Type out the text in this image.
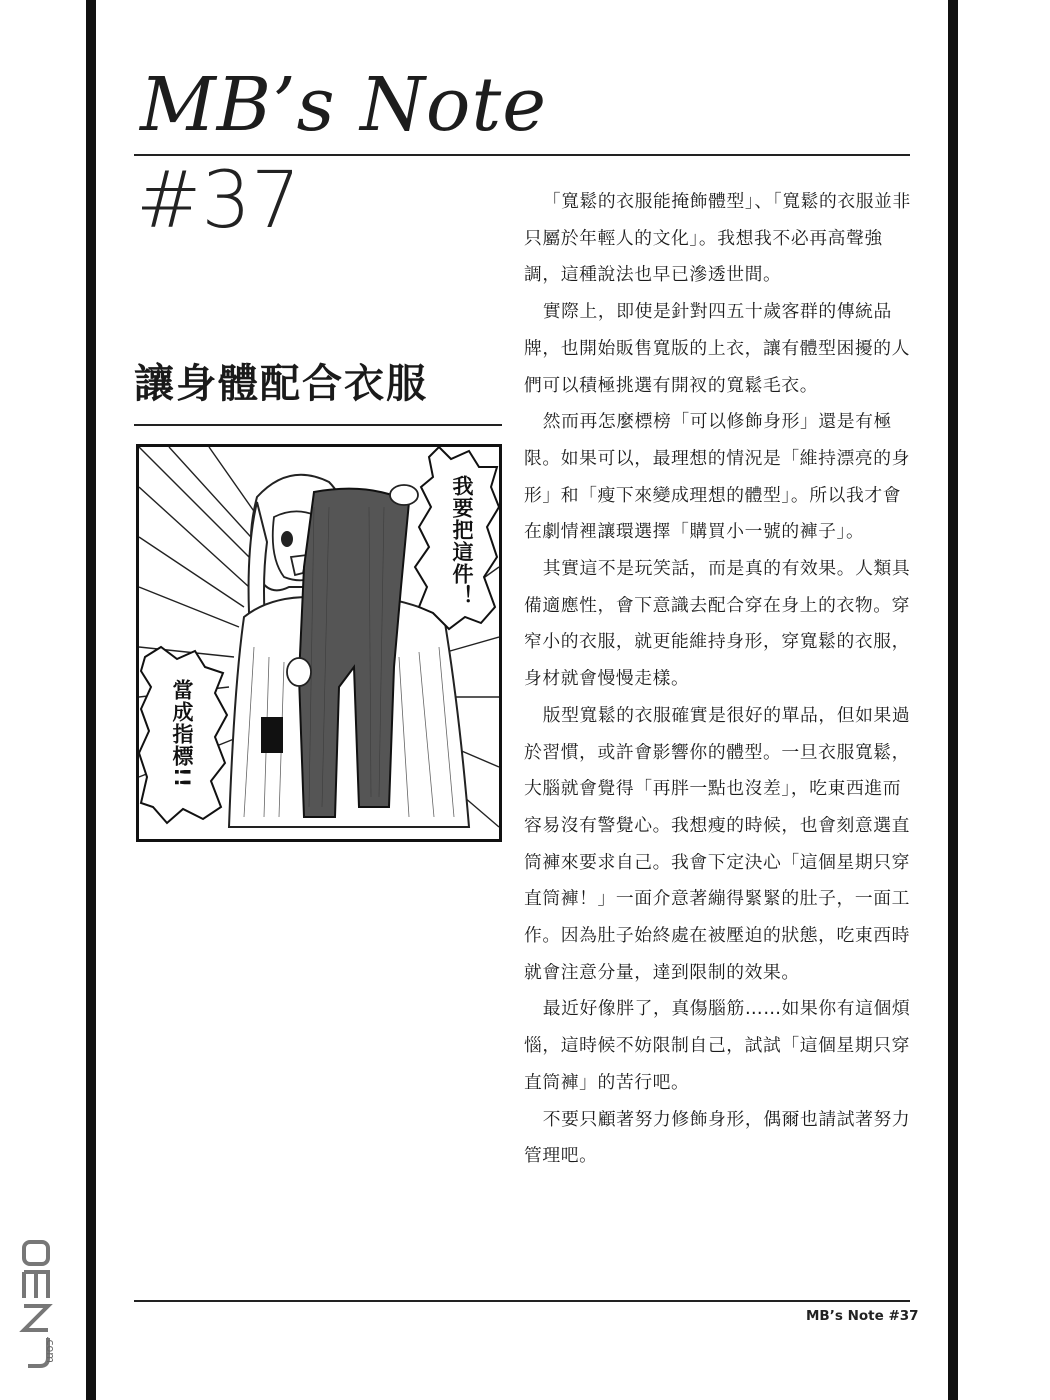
MB’s Note
#37
讓身體配合衣服
我要把這件！
當成指標!!

「寬鬆的衣服能掩飾體型」、「寬鬆的衣服並非只屬於年輕人的文化」。我想我不必再高聲強調，這種說法也早已滲透世間。

實際上，即使是針對四五十歲客群的傳統品牌，也開始販售寬版的上衣，讓有體型困擾的人們可以積極挑選有開衩的寬鬆毛衣。

然而再怎麼標榜「可以修飾身形」還是有極限。如果可以，最理想的情況是「維持漂亮的身形」和「瘦下來變成理想的體型」。所以我才會在劇情裡讓環選擇「購買小一號的褲子」。

其實這不是玩笑話，而是真的有效果。人類具備適應性，會下意識去配合穿在身上的衣物。穿窄小的衣服，就更能維持身形，穿寬鬆的衣服，身材就會慢慢走樣。

版型寬鬆的衣服確實是很好的單品，但如果過於習慣，或許會影響你的體型。一旦衣服寬鬆，大腦就會覺得「再胖一點也沒差」，吃東西進而容易沒有警覺心。我想瘦的時候，也會刻意選直筒褲來要求自己。我會下定決心「這個星期只穿直筒褲！」一面介意著繃得緊緊的肚子，一面工作。因為肚子始終處在被壓迫的狀態，吃東西時就會注意分量，達到限制的效果。

最近好像胖了，真傷腦筋……如果你有這個煩惱，這時候不妨限制自己，試試「這個星期只穿直筒褲」的苦行吧。

不要只顧著努力修飾身形，偶爾也請試著努力管理吧。

MB’s Note #37
.com
